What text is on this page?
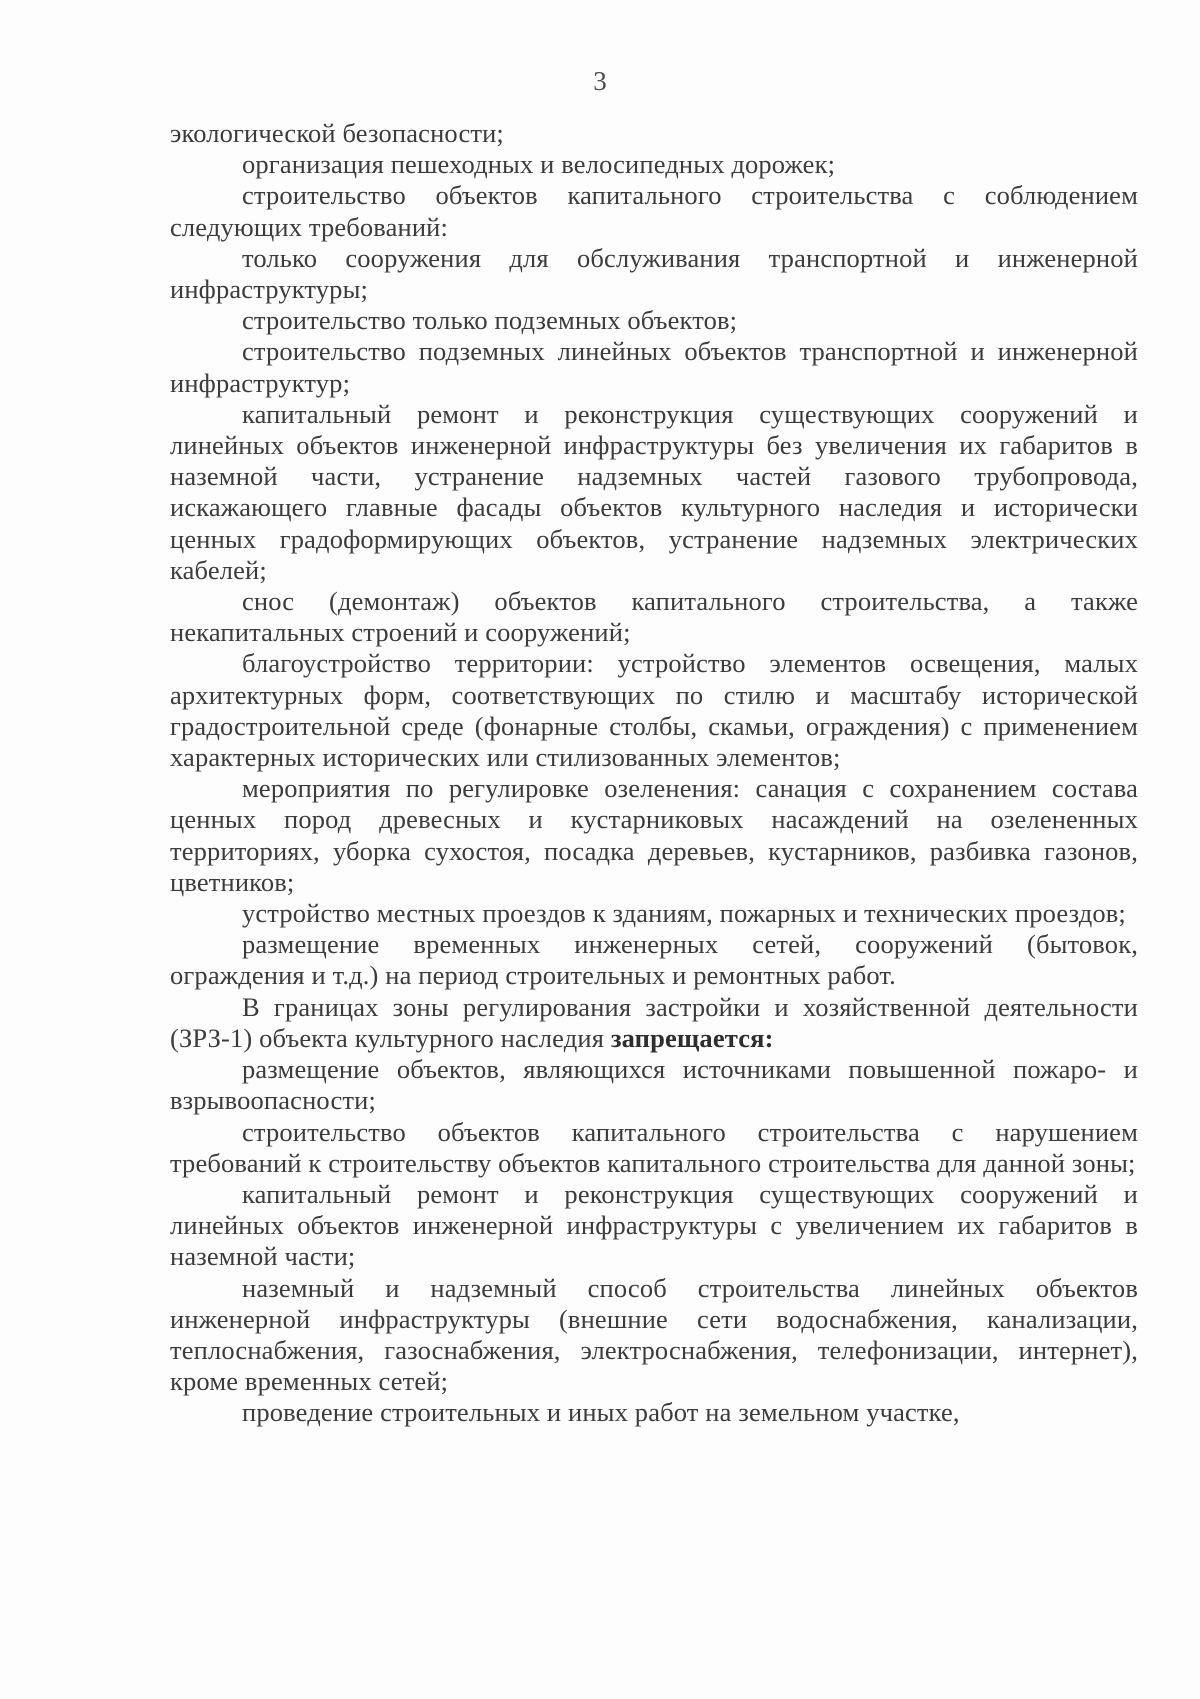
3

экологической безопасности;

организация пешеходных и велосипедных дорожек;

строительство объектов капитального строительства с соблюдением следующих требований:

только сооружения для обслуживания транспортной и инженерной инфраструктуры;

строительство только подземных объектов;

строительство подземных линейных объектов транспортной и инженерной инфраструктур;

капитальный ремонт и реконструкция существующих сооружений и линейных объектов инженерной инфраструктуры без увеличения их габаритов в наземной части, устранение надземных частей газового трубопровода, искажающего главные фасады объектов культурного наследия и исторически ценных градоформирующих объектов, устранение надземных электрических кабелей;

снос (демонтаж) объектов капитального строительства, а также некапитальных строений и сооружений;

благоустройство территории: устройство элементов освещения, малых архитектурных форм, соответствующих по стилю и масштабу исторической градостроительной среде (фонарные столбы, скамьи, ограждения) с применением характерных исторических или стилизованных элементов;

мероприятия по регулировке озеленения: санация с сохранением состава ценных пород древесных и кустарниковых насаждений на озелененных территориях, уборка сухостоя, посадка деревьев, кустарников, разбивка газонов, цветников;

устройство местных проездов к зданиям, пожарных и технических проездов;

размещение временных инженерных сетей, сооружений (бытовок, ограждения и т.д.) на период строительных и ремонтных работ.

В границах зоны регулирования застройки и хозяйственной деятельности (ЗРЗ-1) объекта культурного наследия запрещается:

размещение объектов, являющихся источниками повышенной пожаро- и взрывоопасности;

строительство объектов капитального строительства с нарушением требований к строительству объектов капитального строительства для данной зоны;

капитальный ремонт и реконструкция существующих сооружений и линейных объектов инженерной инфраструктуры с увеличением их габаритов в наземной части;

наземный и надземный способ строительства линейных объектов инженерной инфраструктуры (внешние сети водоснабжения, канализации, теплоснабжения, газоснабжения, электроснабжения, телефонизации, интернет), кроме временных сетей;

проведение строительных и иных работ на земельном участке,
